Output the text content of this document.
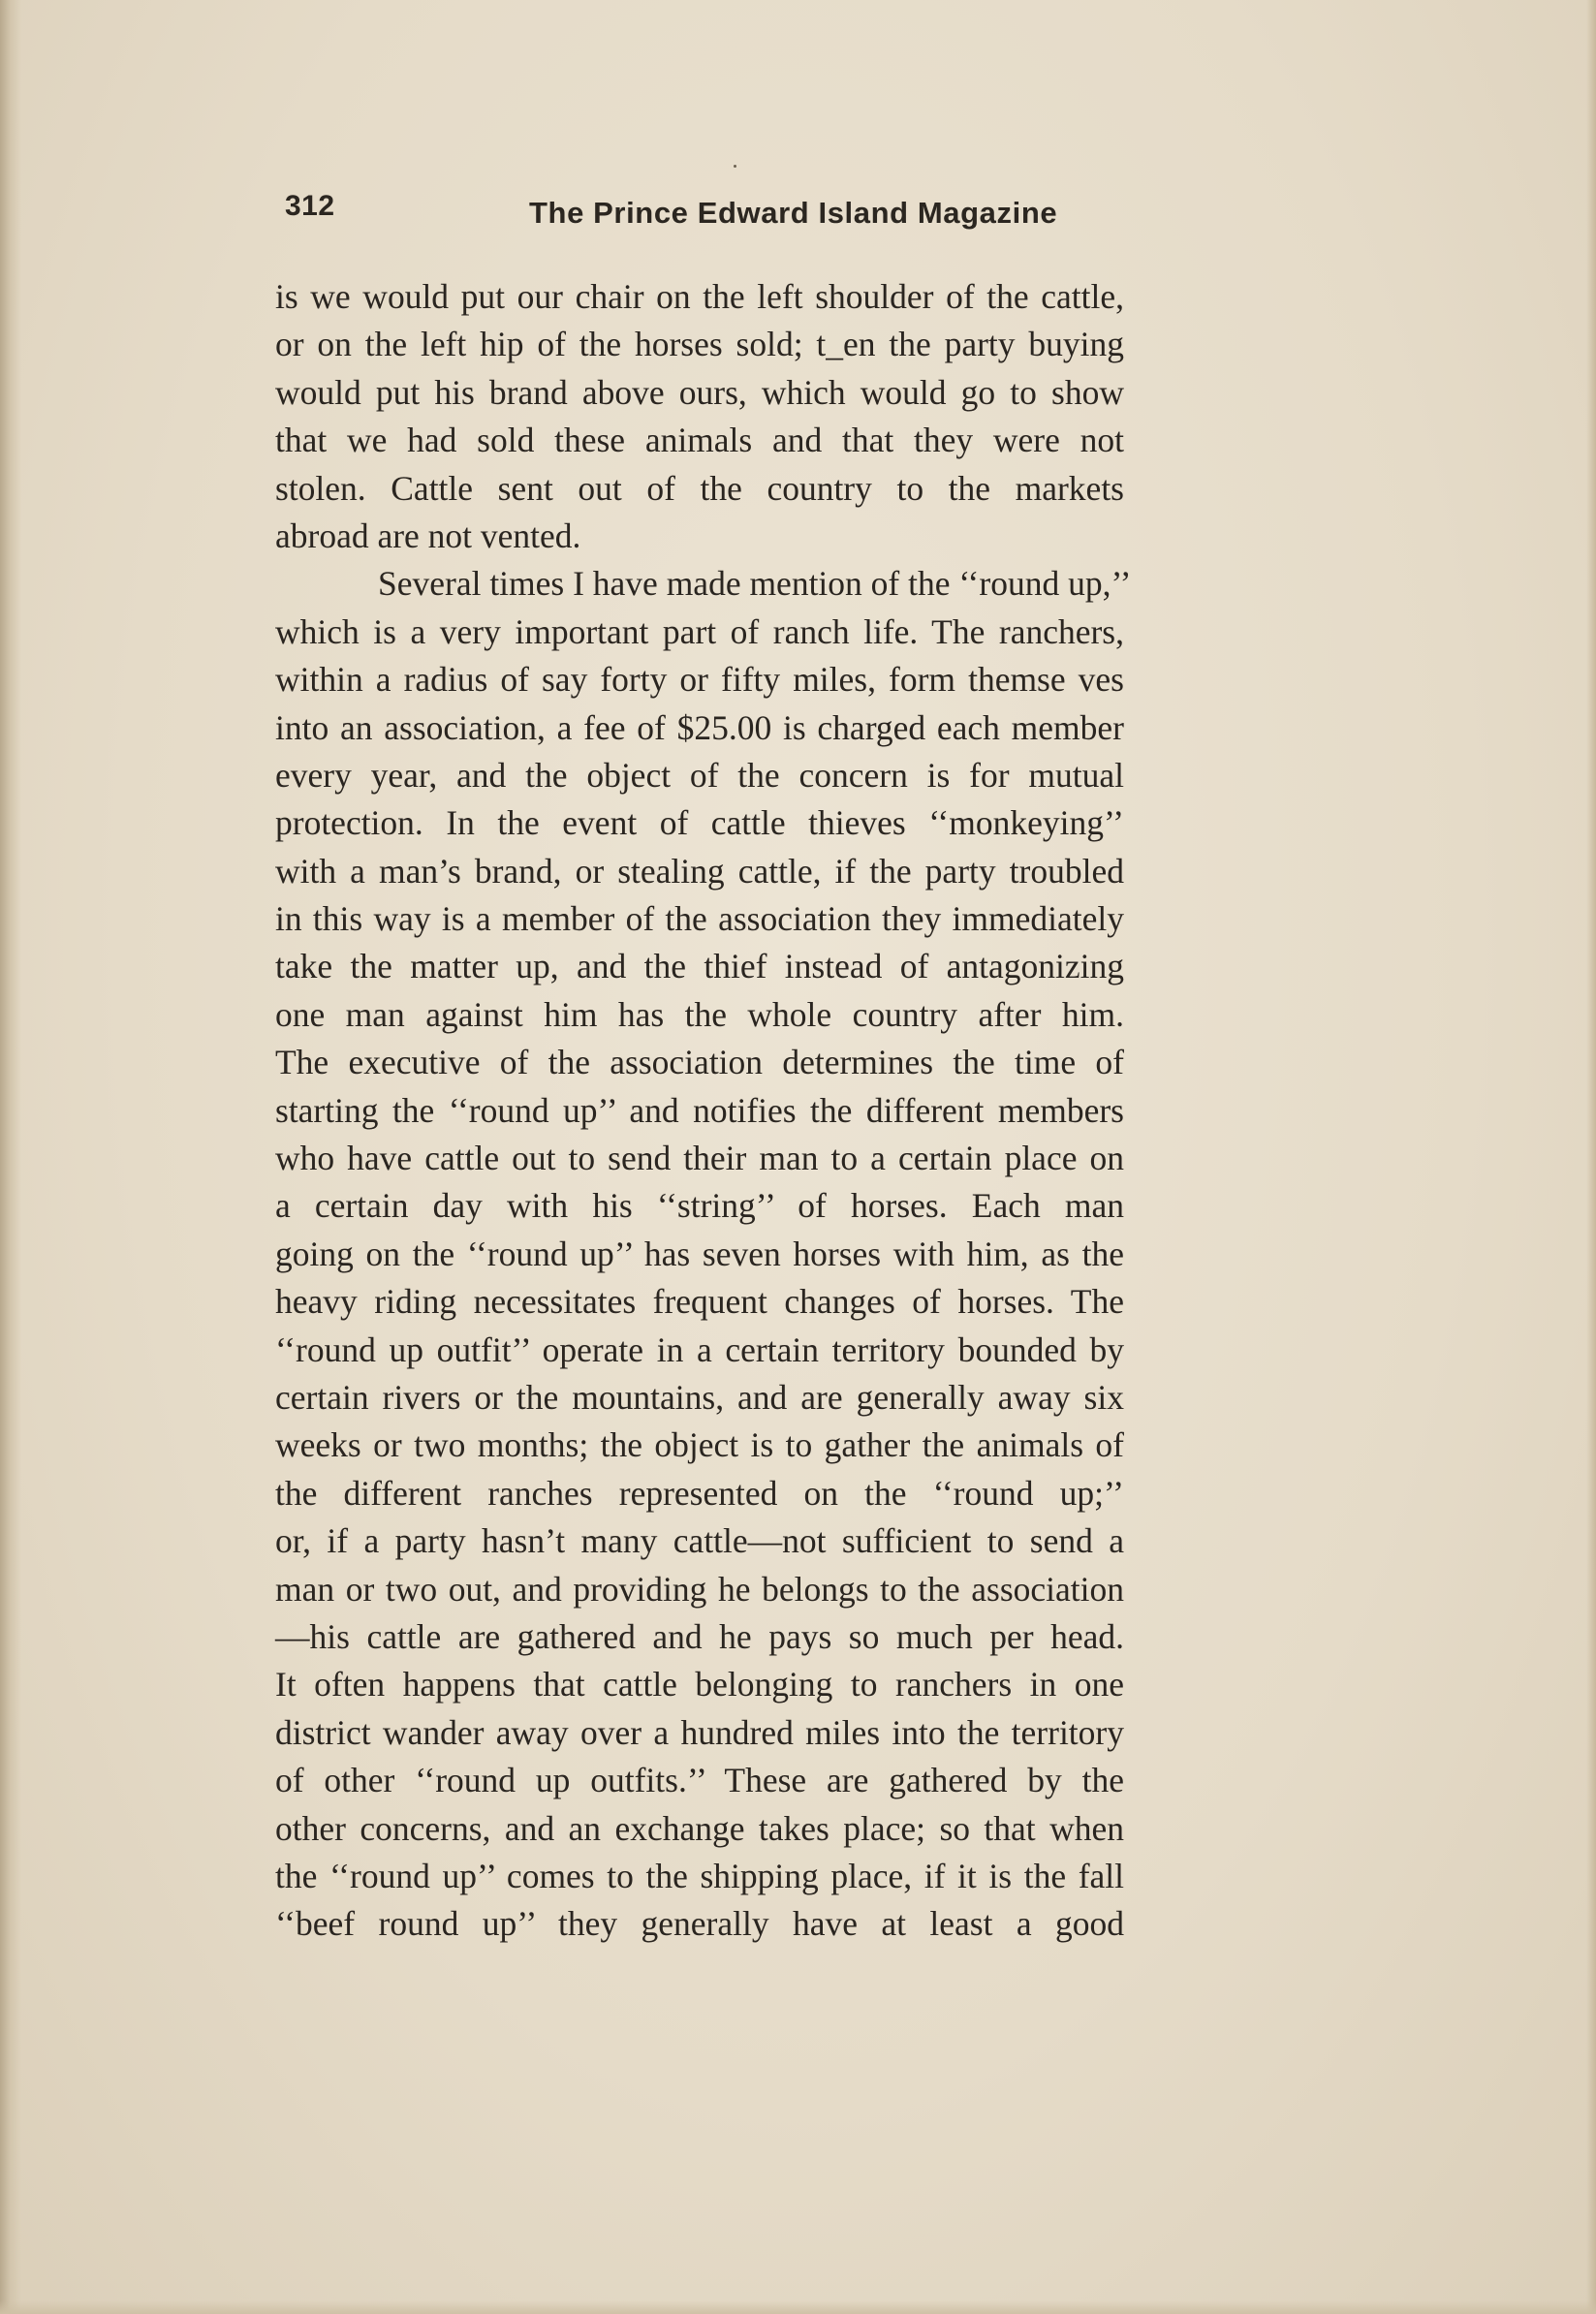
312	The Prince Edward Island Magazine
is we would put our chair on the left shoulder of the cattle,
or on the left hip of the horses sold; t_en the party buying
would put his brand above ours, which would go to show
that we had sold these animals and that they were not
stolen. Cattle sent out of the country to the markets
abroad are not vented.
Several times I have made mention of the ‘‘round up,’’
which is a very important part of ranch life. The ranchers,
within a radius of say forty or fifty miles, form themse ves
into an association, a fee of $25.00 is charged each member
every year, and the object of the concern is for mutual
protection. In the event of cattle thieves ‘‘monkeying’’
with a man’s brand, or stealing cattle, if the party troubled
in this way is a member of the association they immediately
take the matter up, and the thief instead of antagonizing
one man against him has the whole country after him.
The executive of the association determines the time of
starting the ‘‘round up’’ and notifies the different members
who have cattle out to send their man to a certain place on
a certain day with his ‘‘string’’ of horses. Each man
going on the ‘‘round up’’ has seven horses with him, as the
heavy riding necessitates frequent changes of horses. The
‘‘round up outfit’’ operate in a certain territory bounded by
certain rivers or the mountains, and are generally away six
weeks or two months; the object is to gather the animals of
the different ranches represented on the ‘‘round up;’’
or, if a party hasn’t many cattle—not sufficient to send a
man or two out, and providing he belongs to the association
—his cattle are gathered and he pays so much per head.
It often happens that cattle belonging to ranchers in one
district wander away over a hundred miles into the territory
of other ‘‘round up outfits.’’ These are gathered by the
other concerns, and an exchange takes place; so that when
the ‘‘round up’’ comes to the shipping place, if it is the fall
‘‘beef round up’’ they generally have at least a good
